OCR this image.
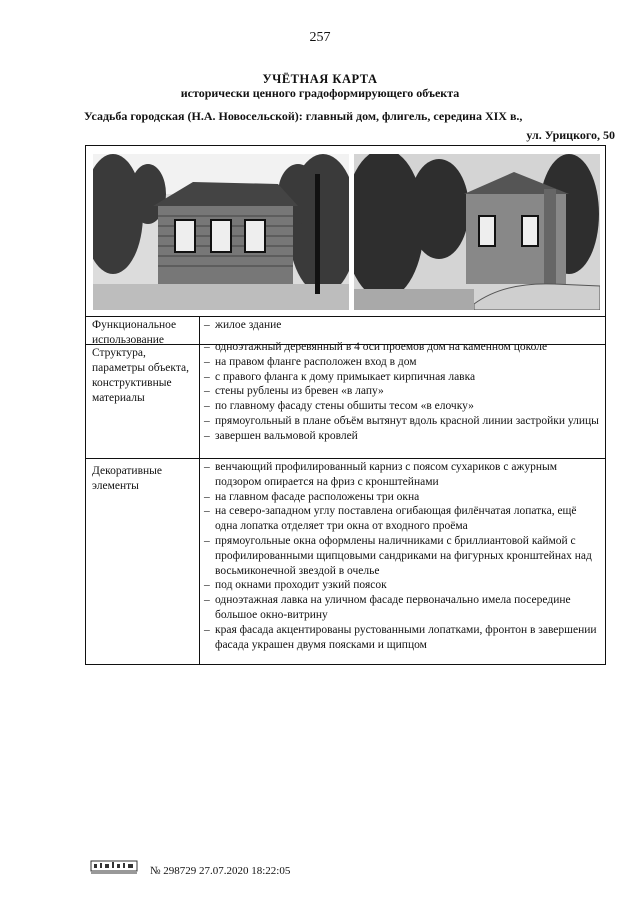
257
УЧЁТНАЯ КАРТА
исторически ценного градоформирующего объекта
Усадьба городская (Н.А. Новосельской): главный дом, флигель, середина XIX в.,
ул. Урицкого, 50
Функциональное использование
– жилое здание
Структура, параметры объекта, конструктивные материалы
– одноэтажный деревянный в 4 оси проемов дом на каменном цоколе
– на правом фланге расположен вход в дом
– с правого фланга к дому примыкает кирпичная лавка
– стены рублены из бревен «в лапу»
– по главному фасаду стены обшиты тесом «в елочку»
– прямоугольный в плане объём вытянут вдоль красной линии застройки улицы
– завершен вальмовой кровлей
Декоративные элементы
– венчающий профилированный карниз с поясом сухариков с ажурным подзором опирается на фриз с кронштейнами
– на главном фасаде расположены три окна
– на северо-западном углу поставлена огибающая филёнчатая лопатка, ещё одна лопатка отделяет три окна от входного проёма
– прямоугольные окна оформлены наличниками с бриллиантовой каймой с профилированными щипцовыми сандриками на фигурных кронштейнах над восьмиконечной звездой в очелье
– под окнами проходит узкий поясок
– одноэтажная лавка на уличном фасаде первоначально имела посередине большое окно-витрину
– края фасада акцентированы рустованными лопатками, фронтон в завершении фасада украшен двумя поясками и щипцом
№ 298729 27.07.2020 18:22:05
